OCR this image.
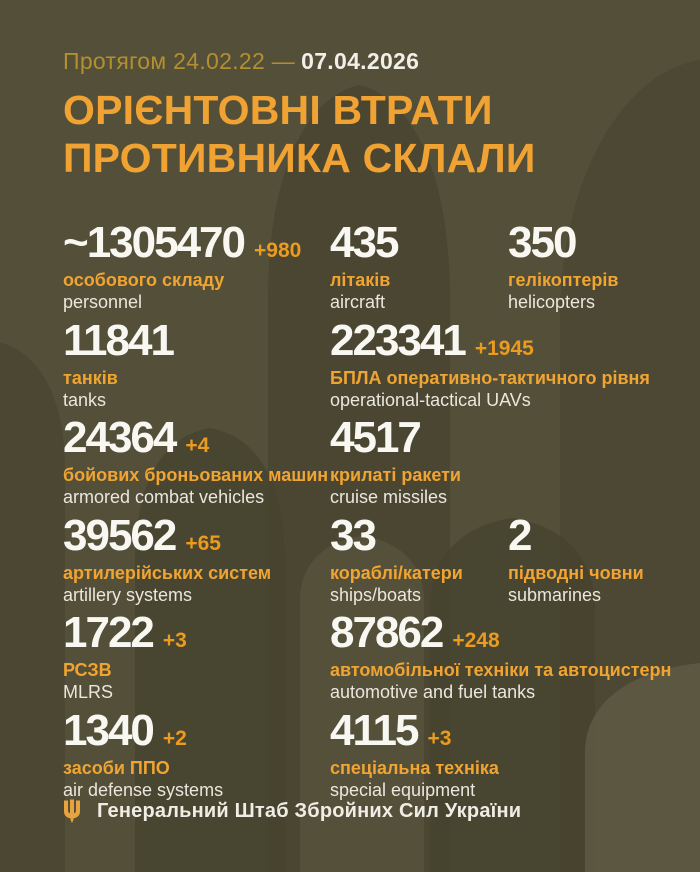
Протягом 24.02.22 — 07.04.2026
ОРІЄНТОВНІ ВТРАТИ
ПРОТИВНИКА СКЛАЛИ
~1305470 +980
особового складу
personnel
435
літаків
aircraft
350
гелікоптерів
helicopters
11841
танків
tanks
223341 +1945
БПЛА оперативно-тактичного рівня
operational-tactical UAVs
24364 +4
бойових броньованих машин
armored combat vehicles
4517
крилаті ракети
cruise missiles
39562 +65
артилерійських систем
artillery systems
33
кораблі/катери
ships/boats
2
підводні човни
submarines
1722 +3
РСЗВ
MLRS
87862 +248
автомобільної техніки та автоцистерн
automotive and fuel tanks
1340 +2
засоби ППО
air defense systems
4115 +3
спеціальна техніка
special equipment
Генеральний Штаб Збройних Сил України
